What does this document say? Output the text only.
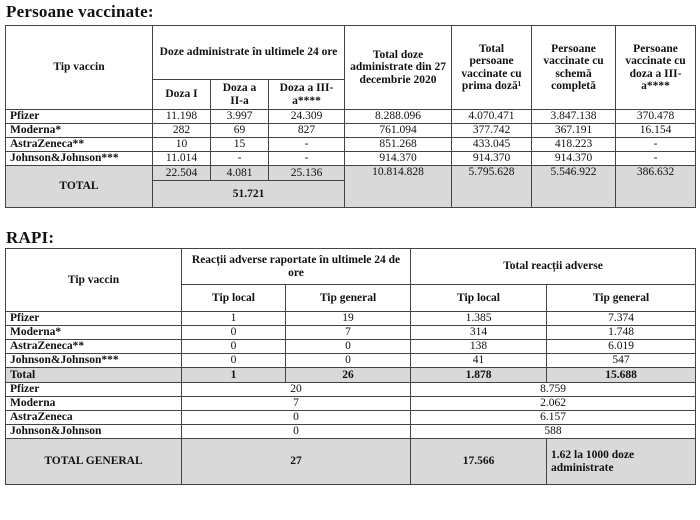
Persoane vaccinate:
Tip vaccin	Doze administrate în ultimele 24 ore			Total doze administrate din 27 decembrie 2020	Total persoane vaccinate cu prima doză¹	Persoane vaccinate cu schemă completă	Persoane vaccinate cu doza a III-a****
	Doza I	Doza a II-a	Doza a III-a****				
Pfizer	11.198	3.997	24.309	8.288.096	4.070.471	3.847.138	370.478
Moderna*	282	69	827	761.094	377.742	367.191	16.154
AstraZeneca**	10	15	-	851.268	433.045	418.223	-
Johnson&Johnson***	11.014	-	-	914.370	914.370	914.370	-
TOTAL	22.504	4.081	25.136	10.814.828	5.795.628	5.546.922	386.632
	51.721						
RAPI:
Tip vaccin	Reacții adverse raportate în ultimele 24 de ore		Total reacții adverse	
	Tip local	Tip general	Tip local	Tip general
Pfizer	1	19	1.385	7.374
Moderna*	0	7	314	1.748
AstraZeneca**	0	0	138	6.019
Johnson&Johnson***	0	0	41	547
Total	1	26	1.878	15.688
Pfizer	20		8.759	
Moderna	7		2.062	
AstraZeneca	0		6.157	
Johnson&Johnson	0		588	
TOTAL GENERAL	27		17.566	1.62 la 1000 doze administrate
